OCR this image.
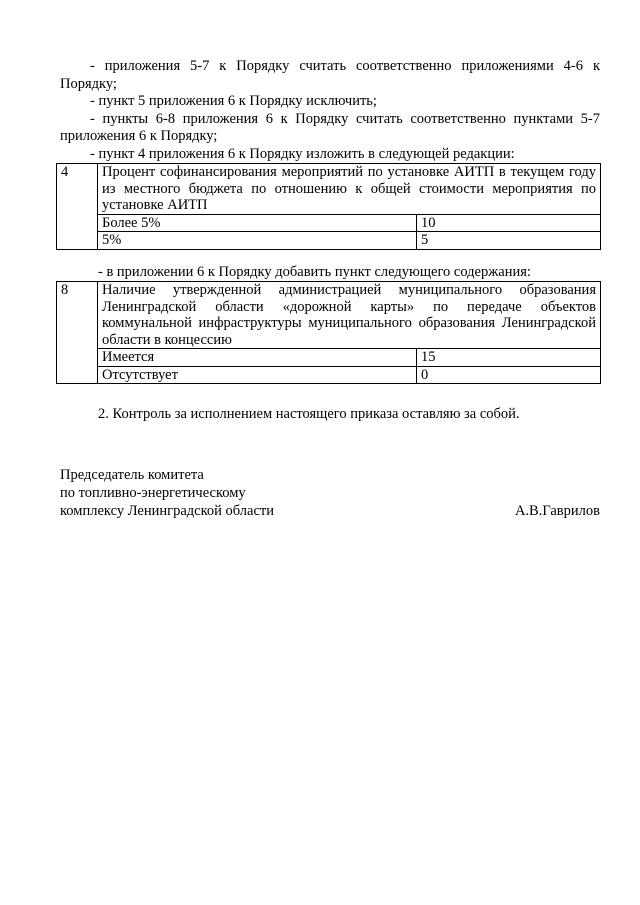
- приложения 5-7 к Порядку считать соответственно приложениями 4-6 к Порядку;

- пункт 5 приложения 6 к Порядку исключить;

- пункты 6-8 приложения 6 к Порядку считать соответственно пунктами 5-7 приложения 6 к Порядку;

- пункт 4 приложения 6 к Порядку изложить в следующей редакции:

4	Процент софинансирования мероприятий по установке АИТП в текущем году из местного бюджета по отношению к общей стоимости мероприятия по установке АИТП	
	Более 5%	10
	5%	5

- в приложении 6 к Порядку добавить пункт следующего содержания:

8	Наличие утвержденной администрацией муниципального образования Ленинградской области «дорожной карты» по передаче объектов коммунальной инфраструктуры муниципального образования Ленинградской области в концессию	
	Имеется	15
	Отсутствует	0

2. Контроль за исполнением настоящего приказа оставляю за собой.

Председатель комитета
по топливно-энергетическому
комплексу Ленинградской области	А.В.Гаврилов
